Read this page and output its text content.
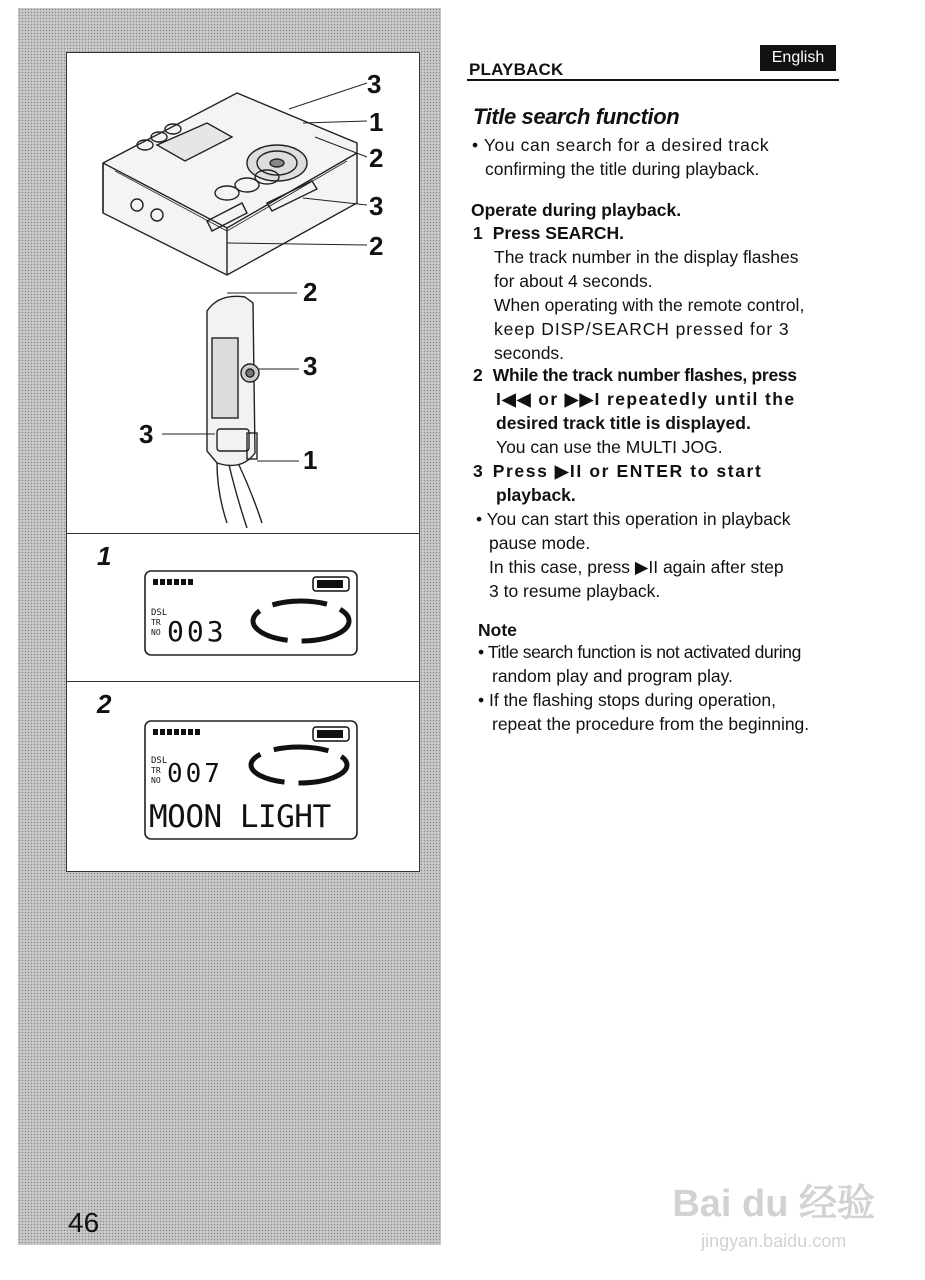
3
1
2
3
2
2
3
3
1
1
DSL
TR
NO 003
2
DSL
TR
NO 007
MOON LIGHT
46
PLAYBACK
English
Title search function
• You can search for a desired track
confirming the title during playback.
Operate during playback.
1 Press SEARCH.
The track number in the display flashes
for about 4 seconds.
When operating with the remote control,
keep DISP/SEARCH pressed for 3
seconds.
2 While the track number flashes, press
I◀◀ or ▶▶I repeatedly until the
desired track title is displayed.
You can use the MULTI JOG.
3 Press ▶II or ENTER to start
playback.
• You can start this operation in playback
pause mode.
In this case, press ▶II again after step
3 to resume playback.
Note
• Title search function is not activated during
random play and program play.
• If the flashing stops during operation,
repeat the procedure from the beginning.
Bai du 经验
jingyan.baidu.com
